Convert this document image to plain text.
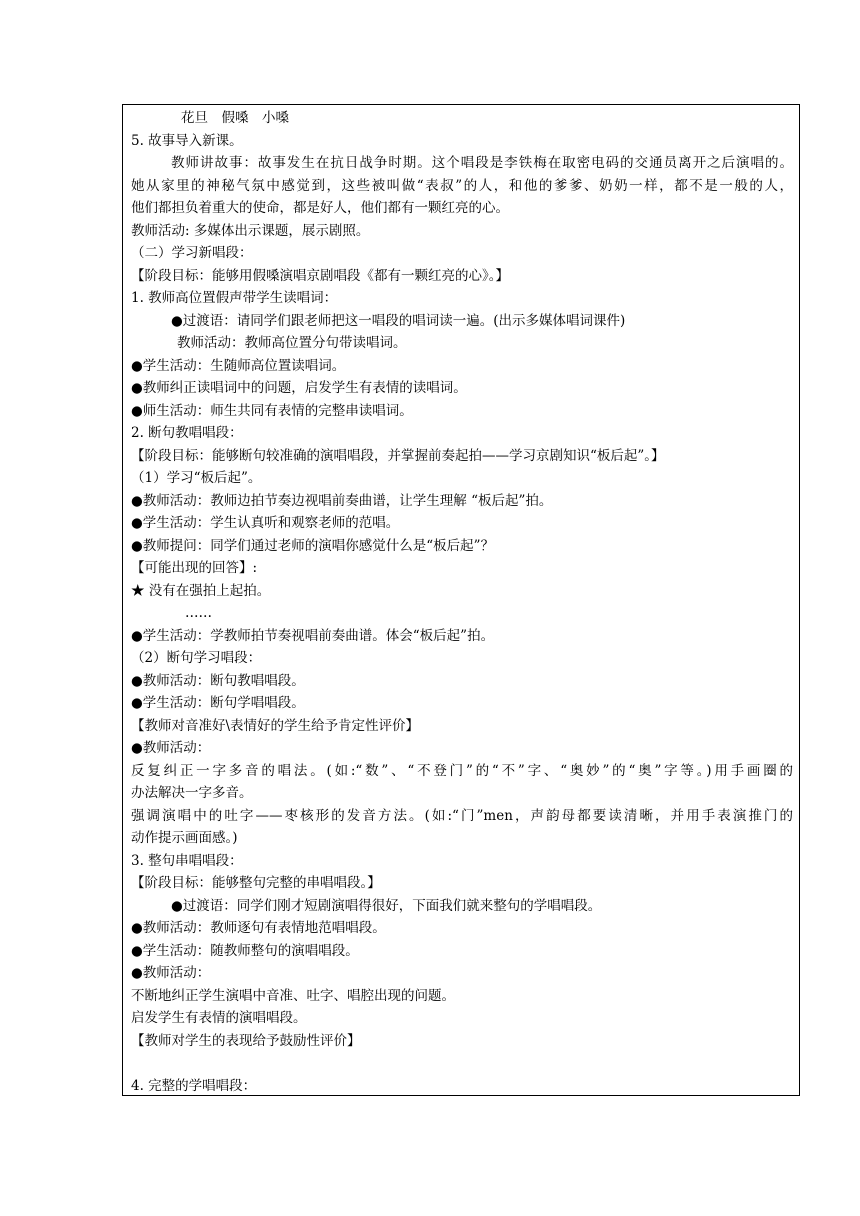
花旦　假嗓　小嗓
5. 故事导入新课。
教师讲故事：故事发生在抗日战争时期。这个唱段是李铁梅在取密电码的交通员离开之后演唱的。
她从家里的神秘气氛中感觉到，这些被叫做“表叔”的人，和他的爹爹、奶奶一样，都不是一般的人，
他们都担负着重大的使命，都是好人，他们都有一颗红亮的心。
教师活动: 多媒体出示课题，展示剧照。
（二）学习新唱段：
【阶段目标：能够用假嗓演唱京剧唱段《都有一颗红亮的心》。】
1. 教师高位置假声带学生读唱词：
●过渡语：请同学们跟老师把这一唱段的唱词读一遍。(出示多媒体唱词课件)
教师活动：教师高位置分句带读唱词。
●学生活动：生随师高位置读唱词。
●教师纠正读唱词中的问题，启发学生有表情的读唱词。
●师生活动：师生共同有表情的完整串读唱词。
2. 断句教唱唱段：
【阶段目标：能够断句较准确的演唱唱段，并掌握前奏起拍——学习京剧知识“板后起”。】
（1）学习“板后起”。
●教师活动：教师边拍节奏边视唱前奏曲谱，让学生理解 “板后起”拍。
●学生活动：学生认真听和观察老师的范唱。
●教师提问：同学们通过老师的演唱你感觉什么是“板后起”？
【可能出现的回答】:
★ 没有在强拍上起拍。
……
●学生活动：学教师拍节奏视唱前奏曲谱。体会“板后起”拍。
（2）断句学习唱段：
●教师活动：断句教唱唱段。
●学生活动：断句学唱唱段。
【教师对音准好\表情好的学生给予肯定性评价】
●教师活动：
反复纠正一字多音的唱法。(如:“数”、“不登门”的“不”字、“奥妙”的“奥”字等。)用手画圈的
办法解决一字多音。
强调演唱中的吐字——枣核形的发音方法。(如:“门”men，声韵母都要读清晰，并用手表演推门的
动作提示画面感。)
3. 整句串唱唱段：
【阶段目标：能够整句完整的串唱唱段。】
●过渡语：同学们刚才短剧演唱得很好，下面我们就来整句的学唱唱段。
●教师活动：教师逐句有表情地范唱唱段。
●学生活动：随教师整句的演唱唱段。
●教师活动：
不断地纠正学生演唱中音准、吐字、唱腔出现的问题。
启发学生有表情的演唱唱段。
【教师对学生的表现给予鼓励性评价】
4. 完整的学唱唱段：
